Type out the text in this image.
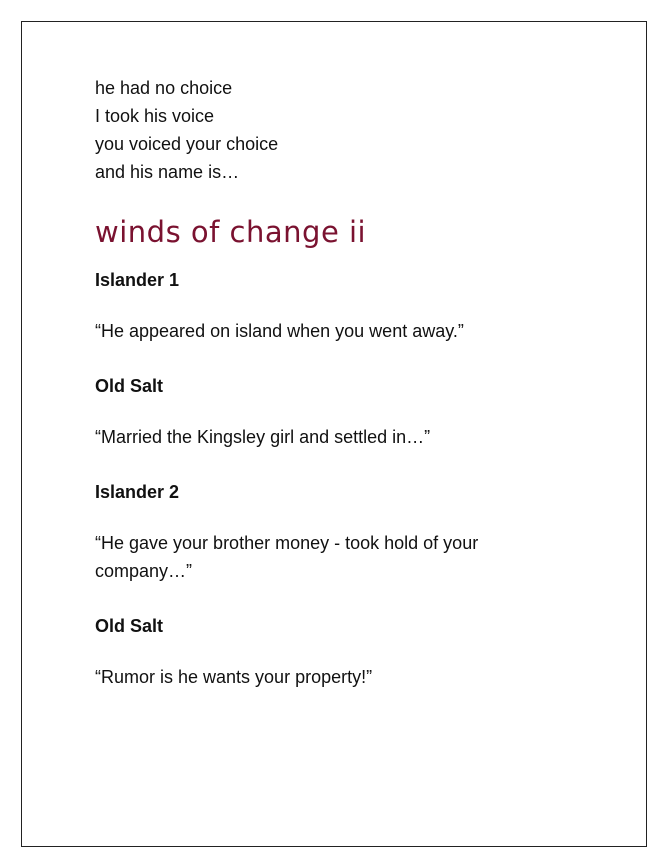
he had no choice

I took his voice

you voiced your choice

and his name is…

winds of change ii

Islander 1

“He appeared on island when you went away.”

Old Salt

“Married the Kingsley girl and settled in…”

Islander 2

“He gave your brother money - took hold of your company…”

Old Salt

“Rumor is he wants your property!”
